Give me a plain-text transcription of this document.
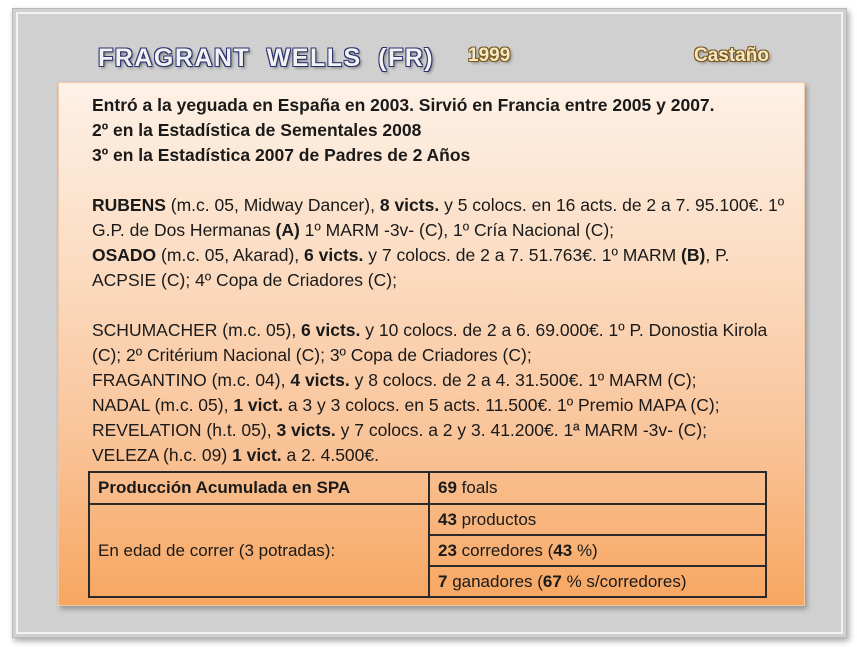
FRAGRANT WELLS (FR) 1999	Castaño

Entró a la yeguada en España en 2003. Sirvió en Francia entre 2005 y 2007.

2º en la Estadística de Sementales 2008

3º en la Estadística 2007 de Padres de 2 Años

RUBENS (m.c. 05, Midway Dancer), 8 victs. y 5 colocs. en 16 acts. de 2 a 7. 95.100€. 1º G.P. de Dos Hermanas (A) 1º MARM -3v- (C), 1º Cría Nacional (C);

OSADO (m.c. 05, Akarad), 6 victs. y 7 colocs. de 2 a 7. 51.763€. 1º MARM (B), P. ACPSIE (C); 4º Copa de Criadores (C);

SCHUMACHER (m.c. 05), 6 victs. y 10 colocs. de 2 a 6. 69.000€. 1º P. Donostia Kirola (C); 2º Critérium Nacional (C); 3º Copa de Criadores (C);

FRAGANTINO (m.c. 04), 4 victs. y 8 colocs. de 2 a 4. 31.500€. 1º MARM (C);

NADAL (m.c. 05), 1 vict. a 3 y 3 colocs. en 5 acts. 11.500€. 1º Premio MAPA (C);

REVELATION (h.t. 05), 3 victs. y 7 colocs. a 2 y 3. 41.200€. 1ª MARM -3v- (C);

VELEZA (h.c. 09) 1 vict. a 2. 4.500€.

Producción Acumulada en SPA	69 foals
En edad de correr (3 potradas):	43 productos
	23 corredores (43 %)
	7 ganadores (67 % s/corredores)
